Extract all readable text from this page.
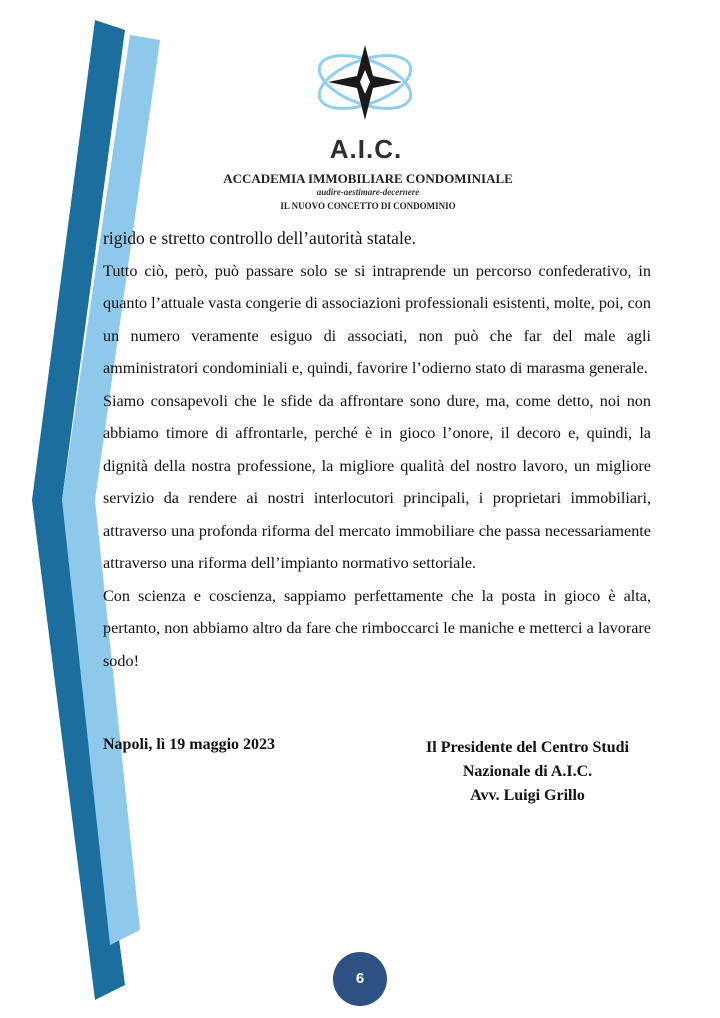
A.I.C.
ACCADEMIA IMMOBILIARE CONDOMINIALE
audire-aestimare-decernere
IL NUOVO CONCETTO DI CONDOMINIO

rigido e stretto controllo dell’autorità statale.

Tutto ciò, però, può passare solo se si intraprende un percorso confederativo, in quanto l’attuale vasta congerie di associazioni professionali esistenti, molte, poi, con un numero veramente esiguo di associati, non può che far del male agli amministratori condominiali e, quindi, favorire l’odierno stato di marasma generale.

Siamo consapevoli che le sfide da affrontare sono dure, ma, come detto, noi non abbiamo timore di affrontarle, perché è in gioco l’onore, il decoro e, quindi, la dignità della nostra professione, la migliore qualità del nostro lavoro, un migliore servizio da rendere ai nostri interlocutori principali, i proprietari immobiliari, attraverso una profonda riforma del mercato immobiliare che passa necessariamente attraverso una riforma dell’impianto normativo settoriale.

Con scienza e coscienza, sappiamo perfettamente che la posta in gioco è alta, pertanto, non abbiamo altro da fare che rimboccarci le maniche e metterci a lavorare sodo!

Napoli, lì 19 maggio 2023	Il Presidente del Centro Studi
Nazionale di A.I.C.
Avv. Luigi Grillo
6
